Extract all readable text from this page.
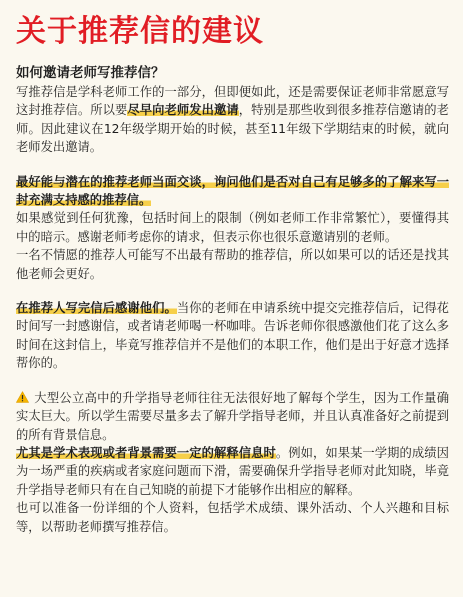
关于推荐信的建议
如何邀请老师写推荐信？

写推荐信是学科老师工作的一部分，但即便如此，还是需要保证老师非常愿意写这封推荐信。所以要尽早向老师发出邀请，特别是那些收到很多推荐信邀请的老师。因此建议在12年级学期开始的时候，甚至11年级下学期结束的时候，就向老师发出邀请。

最好能与潜在的推荐老师当面交谈，询问他们是否对自己有足够多的了解来写一封充满支持感的推荐信。

如果感觉到任何犹豫，包括时间上的限制（例如老师工作非常繁忙），要懂得其中的暗示。感谢老师考虑你的请求，但表示你也很乐意邀请别的老师。

一名不情愿的推荐人可能写不出最有帮助的推荐信，所以如果可以的话还是找其他老师会更好。

在推荐人写完信后感谢他们。当你的老师在申请系统中提交完推荐信后，记得花时间写一封感谢信，或者请老师喝一杯咖啡。告诉老师你很感激他们花了这么多时间在这封信上，毕竟写推荐信并不是他们的本职工作，他们是出于好意才选择帮你的。

大型公立高中的升学指导老师往往无法很好地了解每个学生，因为工作量确实太巨大。所以学生需要尽量多去了解升学指导老师，并且认真准备好之前提到的所有背景信息。

尤其是学术表现或者背景需要一定的解释信息时。例如，如果某一学期的成绩因为一场严重的疾病或者家庭问题而下滑，需要确保升学指导老师对此知晓，毕竟升学指导老师只有在自己知晓的前提下才能够作出相应的解释。

也可以准备一份详细的个人资料，包括学术成绩、课外活动、个人兴趣和目标等，以帮助老师撰写推荐信。
